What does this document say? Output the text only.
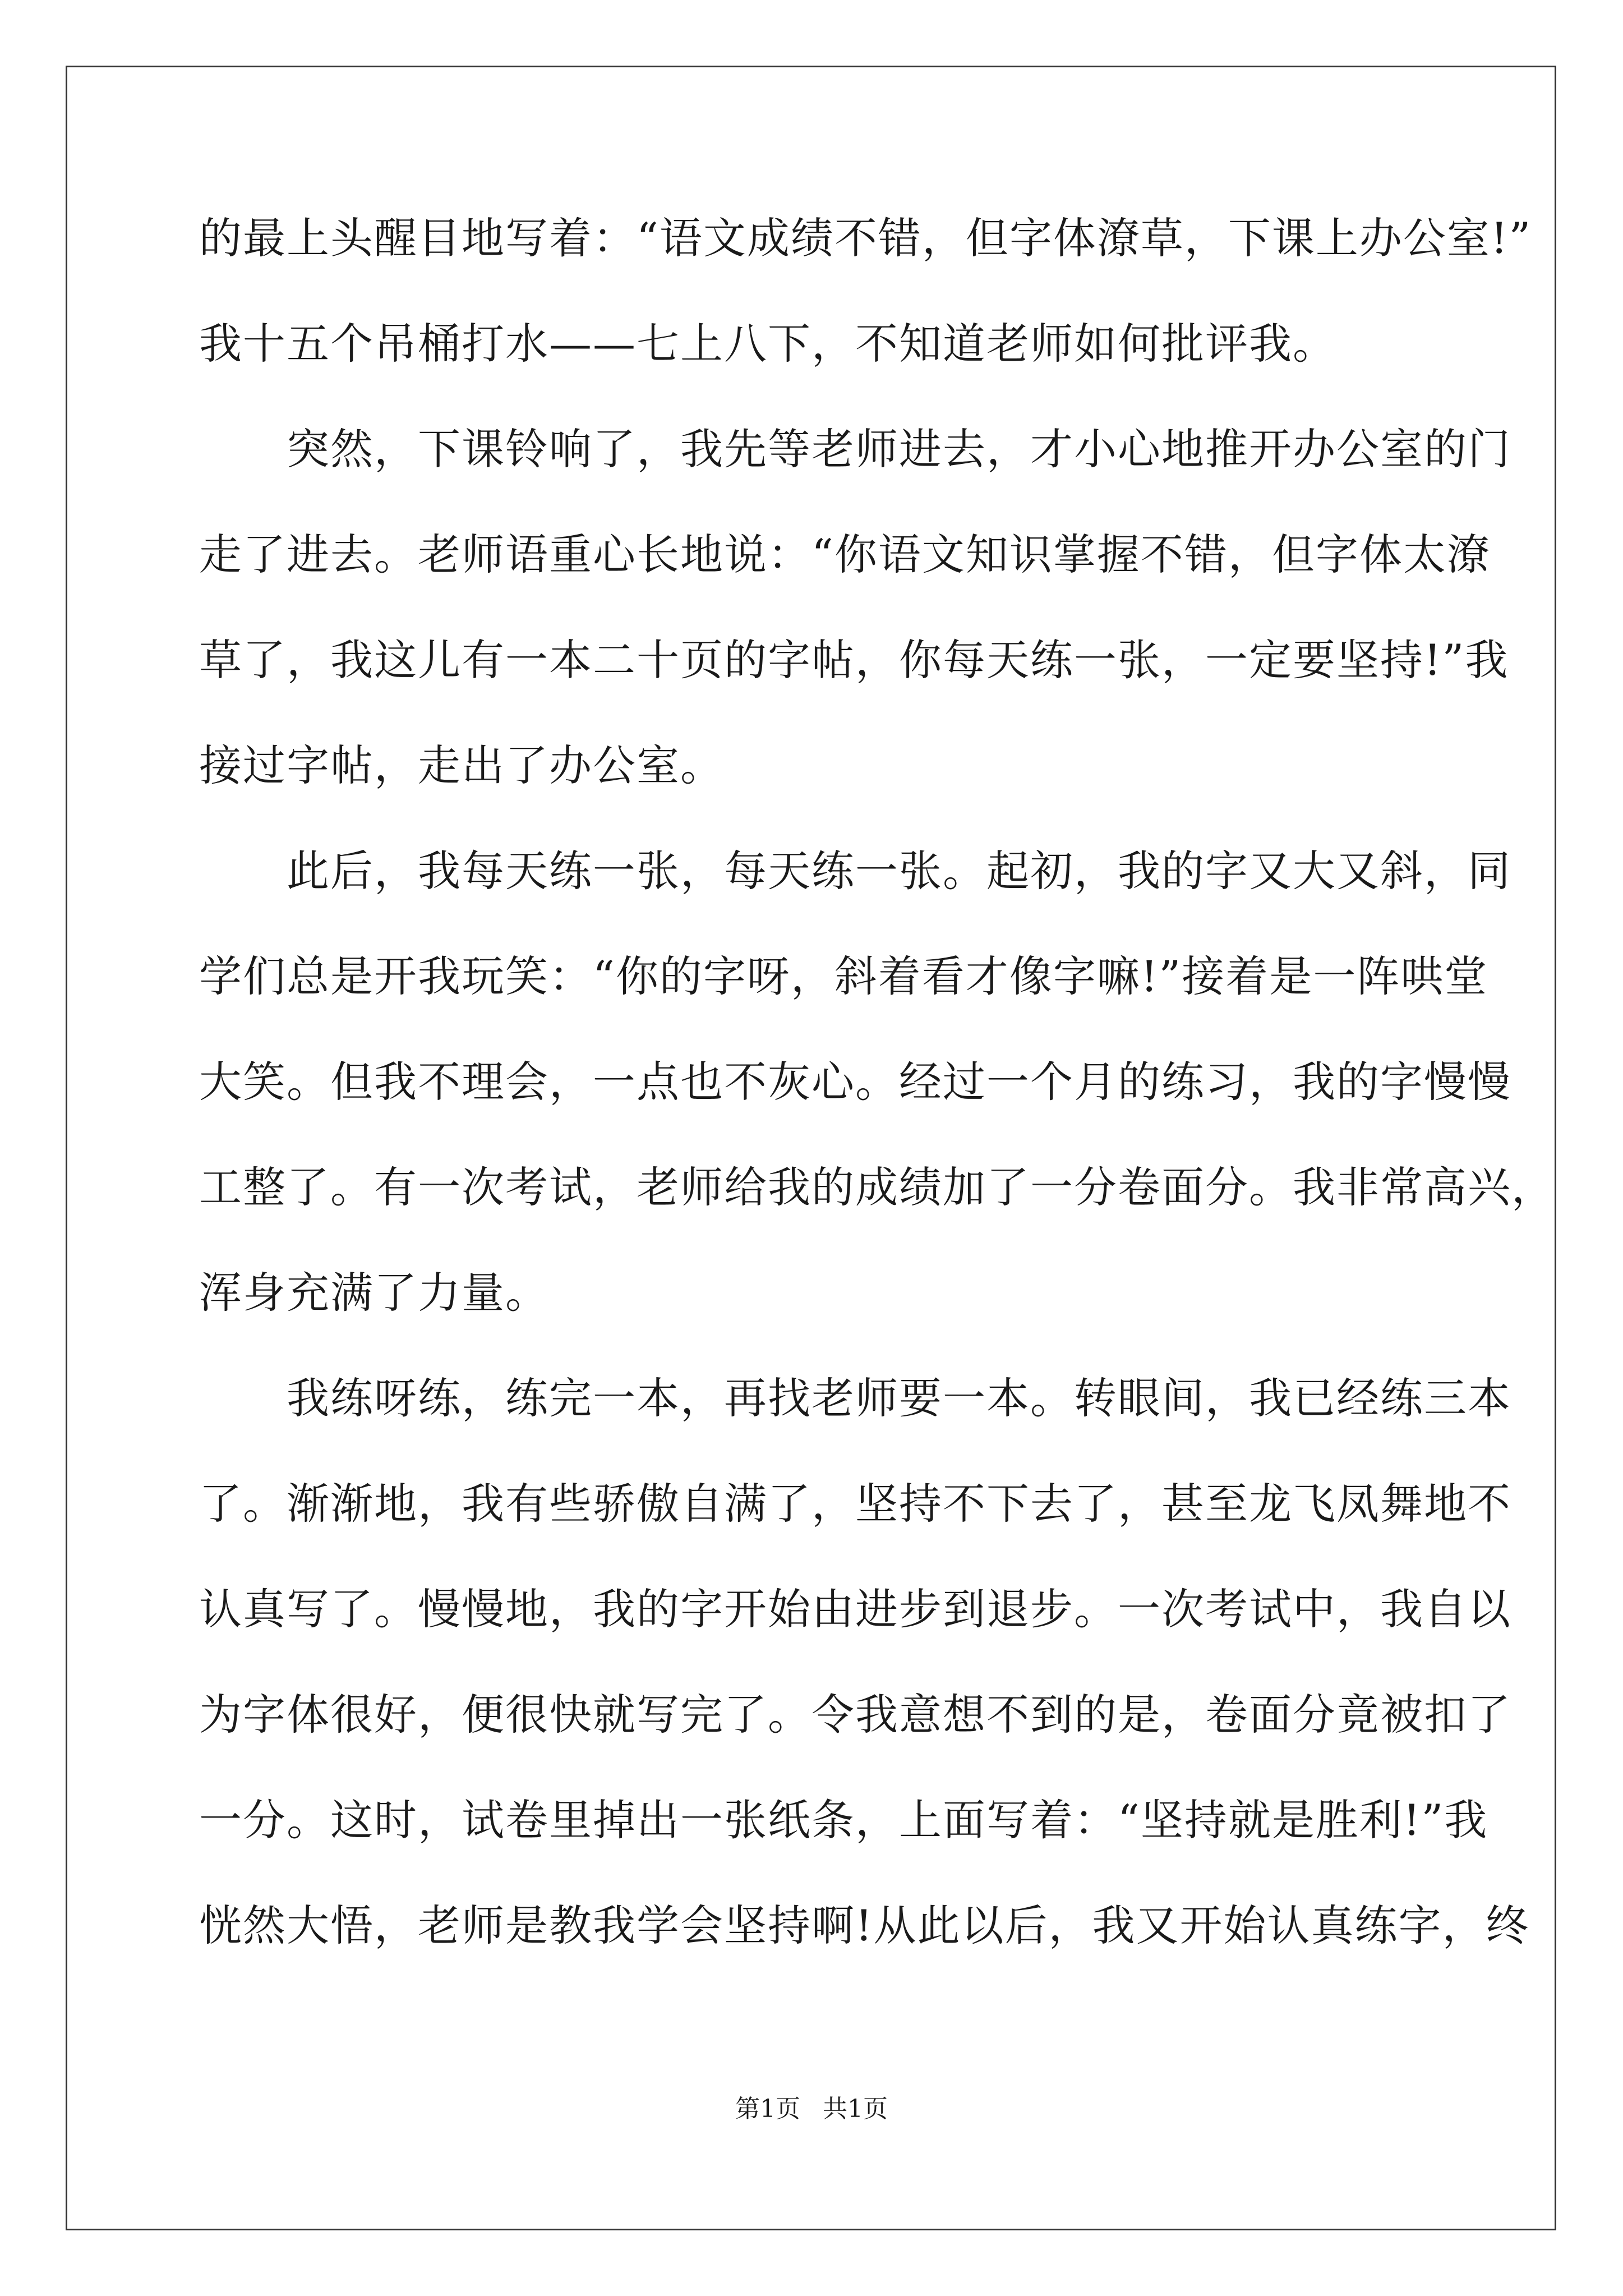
的最上头醒目地写着：“语文成绩不错，但字体潦草，下课上办公室!”
我十五个吊桶打水——七上八下，不知道老师如何批评我。
　　突然，下课铃响了，我先等老师进去，才小心地推开办公室的门
走了进去。老师语重心长地说：“你语文知识掌握不错，但字体太潦
草了，我这儿有一本二十页的字帖，你每天练一张，一定要坚持!”我
接过字帖，走出了办公室。
　　此后，我每天练一张，每天练一张。起初，我的字又大又斜，同
学们总是开我玩笑：“你的字呀，斜着看才像字嘛!”接着是一阵哄堂
大笑。但我不理会，一点也不灰心。经过一个月的练习，我的字慢慢
工整了。有一次考试，老师给我的成绩加了一分卷面分。我非常高兴，
浑身充满了力量。
　　我练呀练，练完一本，再找老师要一本。转眼间，我已经练三本
了。渐渐地，我有些骄傲自满了，坚持不下去了，甚至龙飞凤舞地不
认真写了。慢慢地，我的字开始由进步到退步。一次考试中，我自以
为字体很好，便很快就写完了。令我意想不到的是，卷面分竟被扣了
一分。这时，试卷里掉出一张纸条，上面写着：“坚持就是胜利!”我
恍然大悟，老师是教我学会坚持啊!从此以后，我又开始认真练字，终
第1页 共1页
